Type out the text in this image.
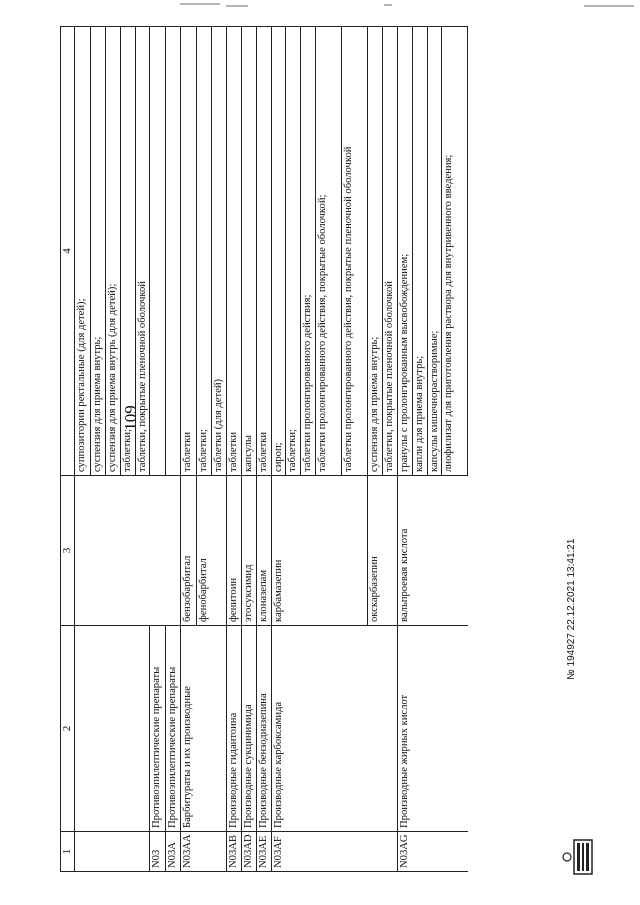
109
1	2	3	4
			суппозитории ректальные (для детей);
			суспензия для приема внутрь;
			суспензия для приема внутрь (для детей);
			таблетки;
			таблетки, покрытые пленочной оболочкой
N03	Противоэпилептические препараты		
N03A	Противоэпилептические препараты		
N03AA	Барбитураты и их производные	бензобарбитал	таблетки
		фенобарбитал	таблетки;
			таблетки (для детей)
N03AB	Производные гидантоина	фенитоин	таблетки
N03AD	Производные сукцинимида	этосуксимид	капсулы
N03AE	Производные бензодиазепина	клоназепам	таблетки
N03AF	Производные карбоксамида	карбамазепин	сироп;
			таблетки;
			таблетки пролонгированного действия;
			таблетки пролонгированного действия, покрытые оболочкой;
			таблетки пролонгированного действия, покрытые пленочной оболочкой
		окскарбазепин	суспензия для приема внутрь;
			таблетки, покрытые пленочной оболочкой
N03AG	Производные жирных кислот	вальпроевая кислота	гранулы с пролонгированным высвобождением;
			капли для приема внутрь;
			капсулы кишечнорастворимые;
			лиофилизат для приготовления раствора для внутривенного введения;
№ 194927 22.12.2021 13:41:21
